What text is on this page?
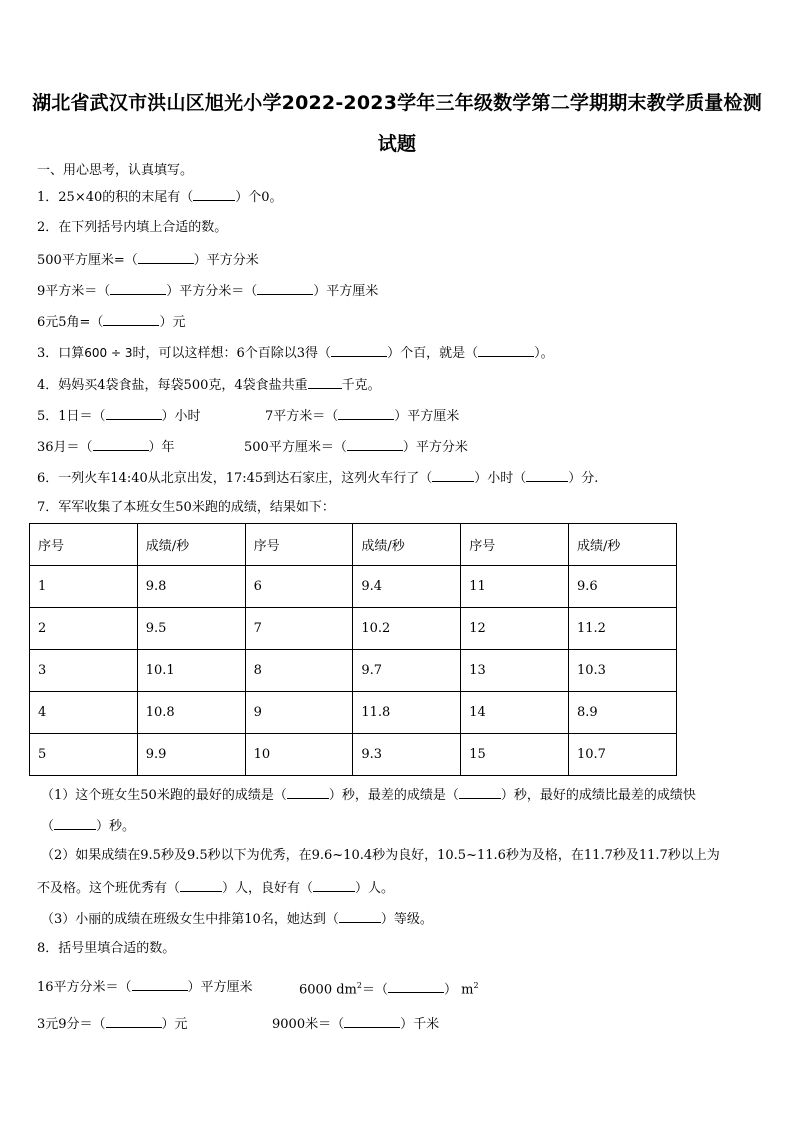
湖北省武汉市洪山区旭光小学2022-2023学年三年级数学第二学期期末教学质量检测
试题
一、用心思考，认真填写。
1．25×40的积的末尾有（	）个0。
2．在下列括号内填上合适的数。
500平方厘米=（	）平方分米
9平方米＝（	）平方分米＝（	）平方厘米
6元5角=（	）元
3．口算600 ÷ 3时，可以这样想：6个百除以3得（	）个百，就是（	）。
4．妈妈买4袋食盐，每袋500克，4袋食盐共重	千克。
5．1日＝（	）小时	7平方米＝（	）平方厘米
36月＝（	）年	500平方厘米＝（	）平方分米
6．一列火车14:40从北京出发，17:45到达石家庄，这列火车行了（	）小时（	）分.
7．军军收集了本班女生50米跑的成绩，结果如下：
序号	成绩/秒	序号	成绩/秒	序号	成绩/秒
1	9.8	6	9.4	11	9.6
2	9.5	7	10.2	12	11.2
3	10.1	8	9.7	13	10.3
4	10.8	9	11.8	14	8.9
5	9.9	10	9.3	15	10.7
（1）这个班女生50米跑的最好的成绩是（	）秒，最差的成绩是（	）秒，最好的成绩比最差的成绩快
（	）秒。
（2）如果成绩在9.5秒及9.5秒以下为优秀，在9.6~10.4秒为良好，10.5~11.6秒为及格，在11.7秒及11.7秒以上为
不及格。这个班优秀有（	）人，良好有（	）人。
（3）小丽的成绩在班级女生中排第10名，她达到（	）等级。
8．括号里填合适的数。
16平方分米＝（	）平方厘米	6000 $dm^2=$（	） $m^2$
3元9分＝（	）元	9000米＝（	）千米
